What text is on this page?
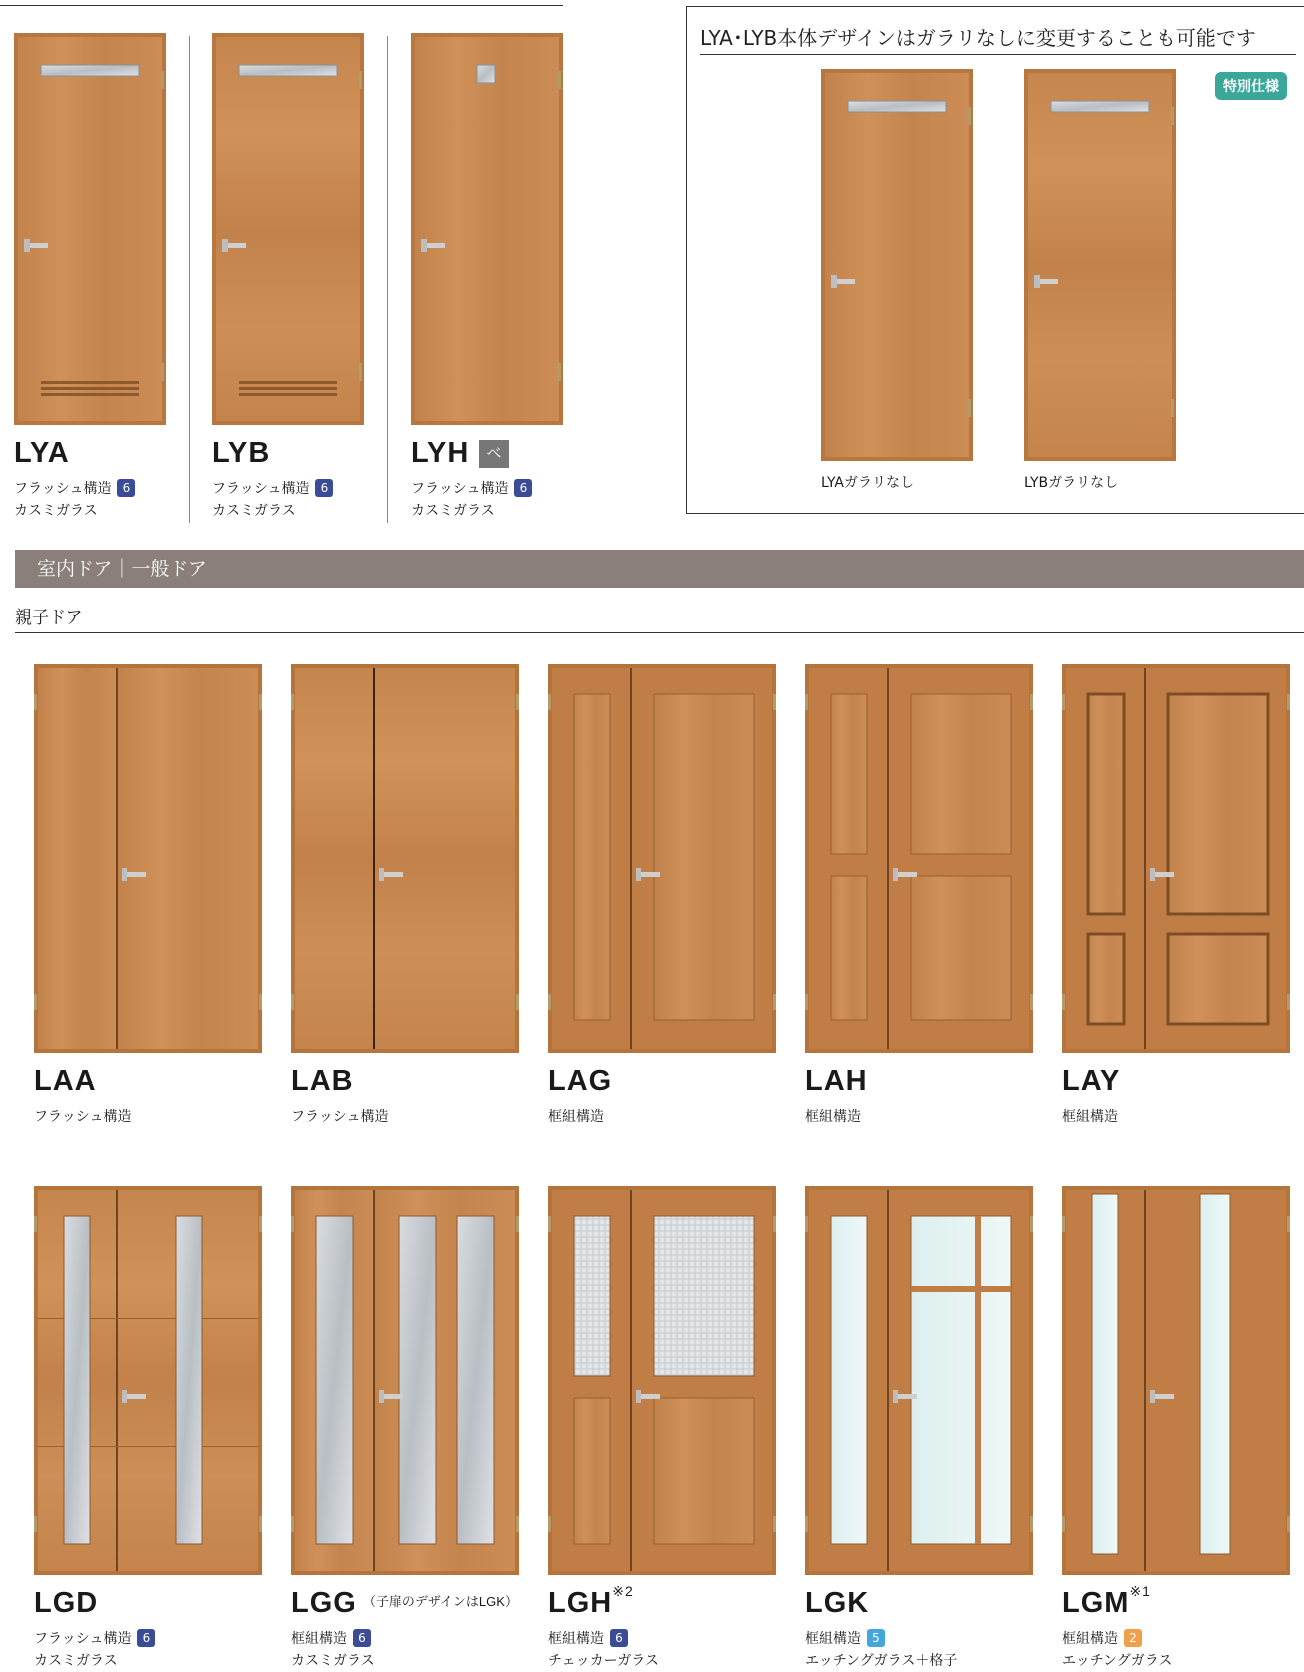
LYA
フラッシュ構造 6
カスミガラス
LYB
フラッシュ構造 6
カスミガラス
LYH ベ
フラッシュ構造 6
カスミガラス
LYA･LYB本体デザインはガラリなしに変更することも可能です
特別仕様
LYAガラリなし	LYBガラリなし
室内ドア｜一般ドア
親子ドア
LAA
フラッシュ構造
LAB
フラッシュ構造
LAG
框組構造
LAH
框組構造
LAY
框組構造
LGD
フラッシュ構造 6
カスミガラス
LGG $^{(子扉のデザインはLGK)}$
框組構造 6
カスミガラス
LGH$^{※2}$
框組構造 6
チェッカーガラス
LGK
框組構造 5
エッチングガラス＋格子
LGM$^{※1}$
框組構造 2
エッチングガラス
